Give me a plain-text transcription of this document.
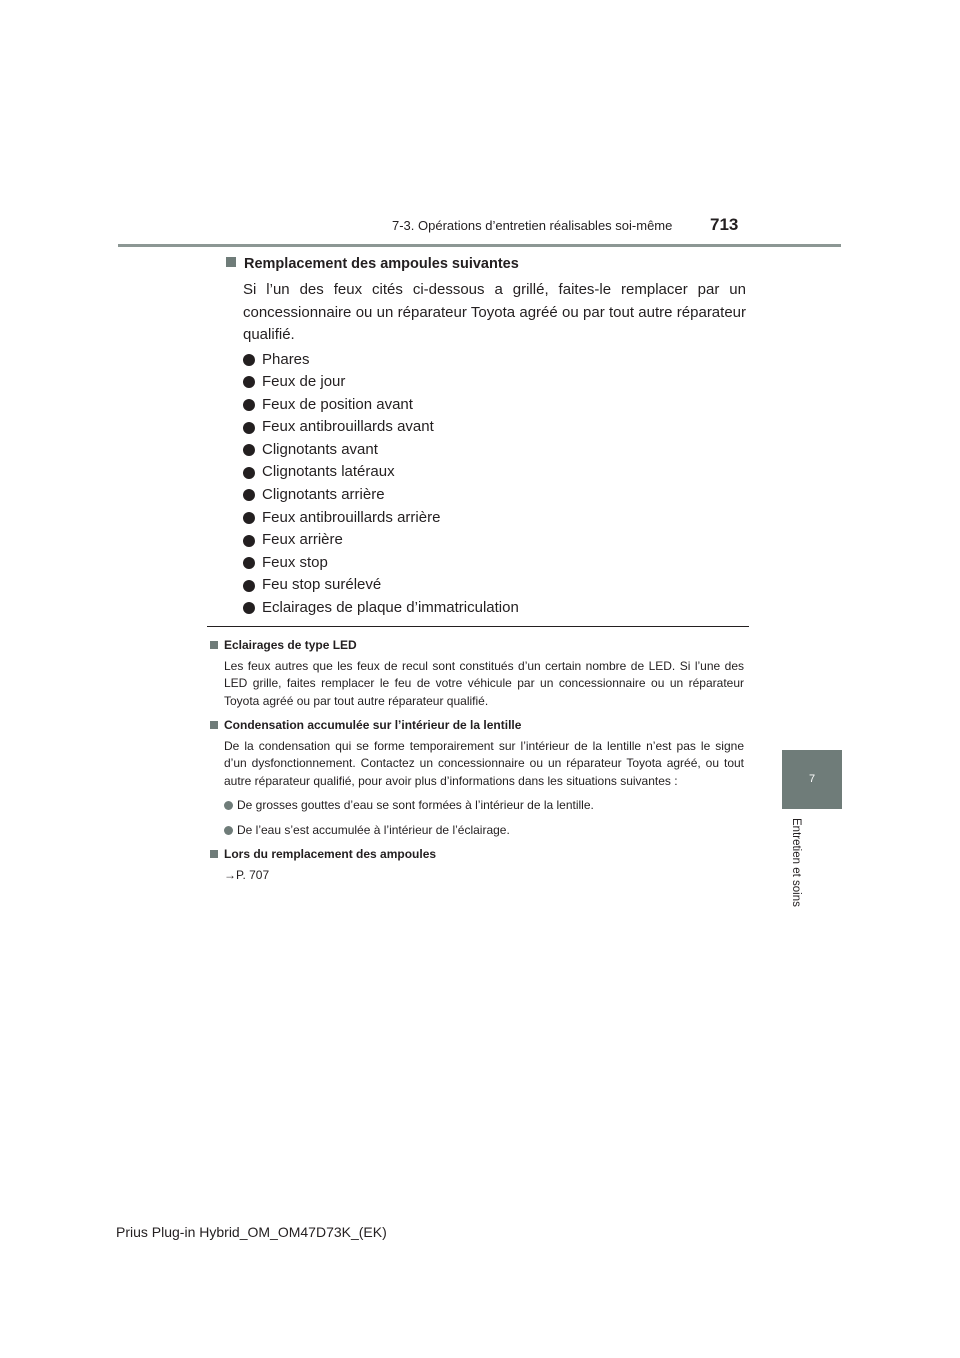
7-3. Opérations d’entretien réalisables soi-même 713
7
Entretien et soins

Remplacement des ampoules suivantes

Si l’un des feux cités ci-dessous a grillé, faites-le remplacer par un concessionnaire ou un réparateur Toyota agréé ou par tout autre réparateur qualifié.

Phares
Feux de jour
Feux de position avant
Feux antibrouillards avant
Clignotants avant
Clignotants latéraux
Clignotants arrière
Feux antibrouillards arrière
Feux arrière
Feux stop
Feu stop surélevé
Eclairages de plaque d’immatriculation

Eclairages de type LED

Les feux autres que les feux de recul sont constitués d’un certain nombre de LED. Si l’une des LED grille, faites remplacer le feu de votre véhicule par un concessionnaire ou un réparateur Toyota agréé ou par tout autre réparateur qualifié.

Condensation accumulée sur l’intérieur de la lentille

De la condensation qui se forme temporairement sur l’intérieur de la lentille n’est pas le signe d’un dysfonctionnement. Contactez un concessionnaire ou un réparateur Toyota agréé, ou tout autre réparateur qualifié, pour avoir plus d’informations dans les situations suivantes :

De grosses gouttes d’eau se sont formées à l’intérieur de la lentille.
De l’eau s’est accumulée à l’intérieur de l’éclairage.

Lors du remplacement des ampoules

→P. 707

Prius Plug-in Hybrid_OM_OM47D73K_(EK)
